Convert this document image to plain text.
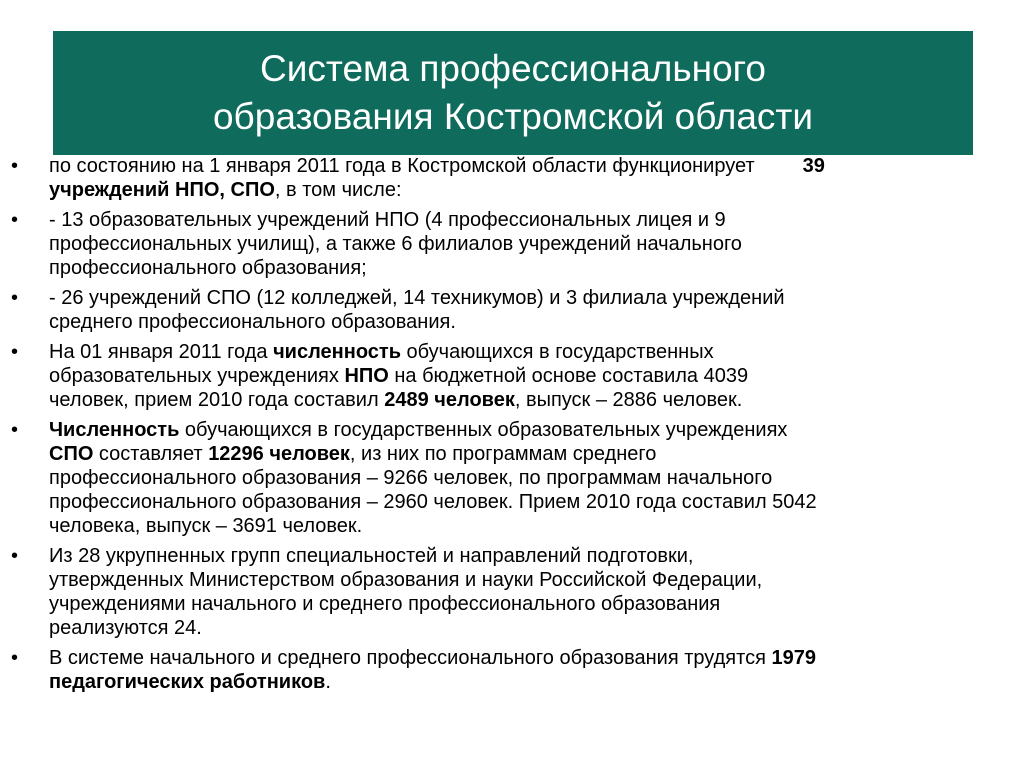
Система профессионального
образования Костромской области
• по состоянию на 1 января 2011 года в Костромской области функционирует 39
учреждений НПО, СПО, в том числе:
• - 13 образовательных учреждений НПО (4 профессиональных лицея и 9
профессиональных училищ), а также 6 филиалов учреждений начального
профессионального образования;
• - 26 учреждений СПО (12 колледжей, 14 техникумов) и 3 филиала учреждений
среднего профессионального образования.
• На 01 января 2011 года численность обучающихся в государственных
образовательных учреждениях НПО на бюджетной основе составила 4039
человек, прием 2010 года составил 2489 человек, выпуск – 2886 человек.
• Численность обучающихся в государственных образовательных учреждениях
СПО составляет 12296 человек, из них по программам среднего
профессионального образования – 9266 человек, по программам начального
профессионального образования – 2960 человек. Прием 2010 года составил 5042
человека, выпуск – 3691 человек.
• Из 28 укрупненных групп специальностей и направлений подготовки,
утвержденных Министерством образования и науки Российской Федерации,
учреждениями начального и среднего профессионального образования
реализуются 24.
• В системе начального и среднего профессионального образования трудятся 1979
педагогических работников.
